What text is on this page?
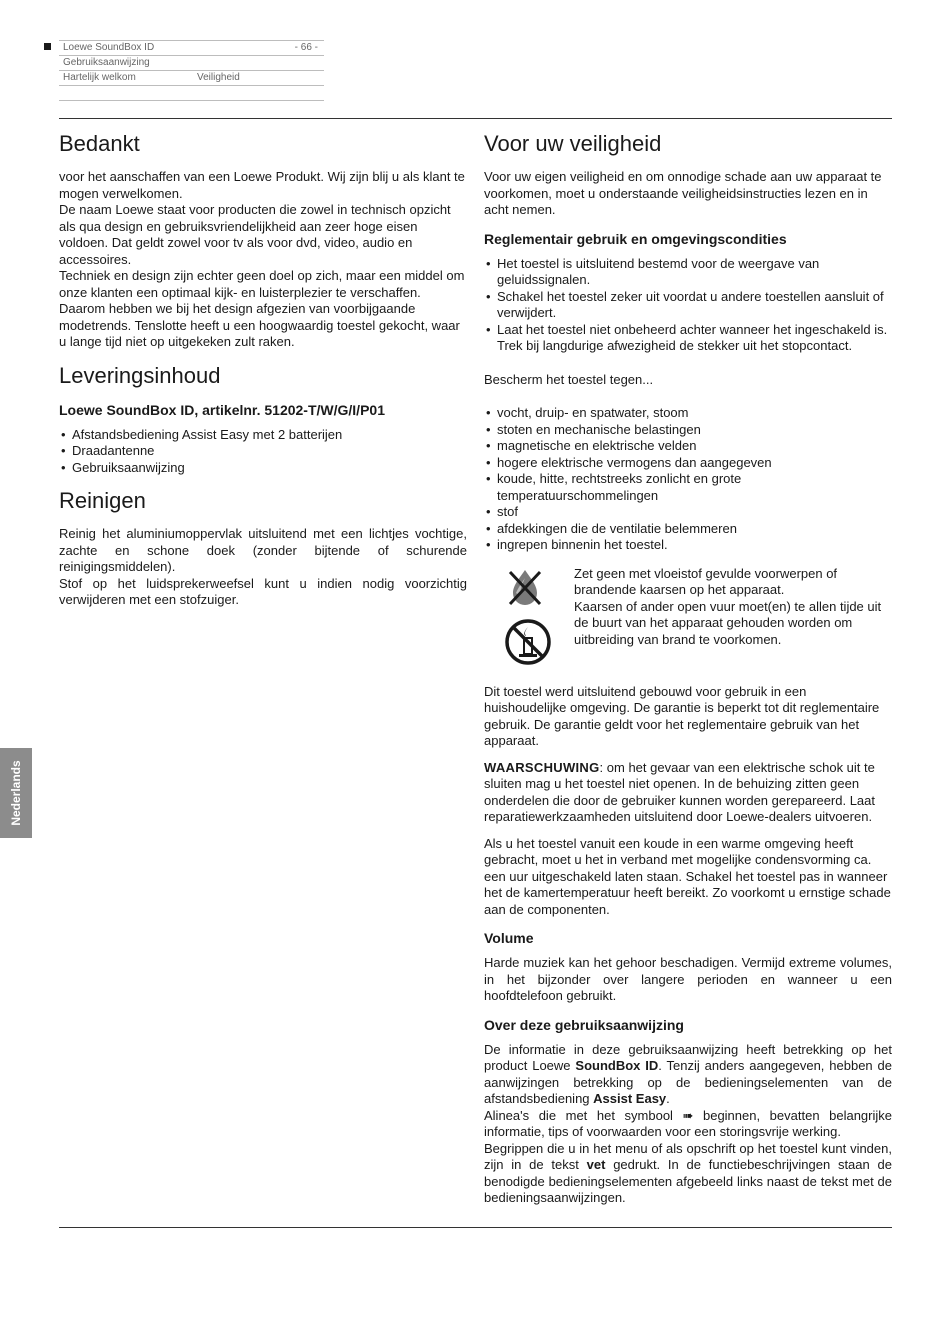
Loewe SoundBox ID	- 66 -
Gebruiksaanwijzing
Hartelijk welkom	Veiligheid
Nederlands
Bedankt

voor het aanschaffen van een Loewe Produkt. Wij zijn blij u als klant te mogen verwelkomen.

De naam Loewe staat voor producten die zowel in technisch opzicht als qua design en gebruiksvriendelijkheid aan zeer hoge eisen voldoen. Dat geldt zowel voor tv als voor dvd, video, audio en accessoires.

Techniek en design zijn echter geen doel op zich, maar een middel om onze klanten een optimaal kijk- en luisterplezier te verschaffen.

Daarom hebben we bij het design afgezien van voorbijgaande modetrends. Tenslotte heeft u een hoogwaardig toestel gekocht, waar u lange tijd niet op uitgekeken zult raken.

Leveringsinhoud
Loewe SoundBox ID, artikelnr. 51202-T/W/G/I/P01
• Afstandsbediening Assist Easy met 2 batterijen
• Draadantenne
• Gebruiksaanwijzing
Reinigen

Reinig het aluminiumoppervlak uitsluitend met een lichtjes vochtige, zachte en schone doek (zonder bijtende of schurende reinigingsmiddelen).

Stof op het luidsprekerweefsel kunt u indien nodig voorzichtig verwijderen met een stofzuiger.

Voor uw veiligheid

Voor uw eigen veiligheid en om onnodige schade aan uw apparaat te voorkomen, moet u onderstaande veiligheidsinstructies lezen en in acht nemen.

Reglementair gebruik en omgevingscondities
• Het toestel is uitsluitend bestemd voor de weergave van geluidssignalen.
• Schakel het toestel zeker uit voordat u andere toestellen aansluit of verwijdert.
• Laat het toestel niet onbeheerd achter wanneer het ingeschakeld is. Trek bij langdurige afwezigheid de stekker uit het stopcontact.

Bescherm het toestel tegen...

• vocht, druip- en spatwater, stoom
• stoten en mechanische belastingen
• magnetische en elektrische velden
• hogere elektrische vermogens dan aangegeven
• koude, hitte, rechtstreeks zonlicht en grote temperatuurschommelingen
• stof
• afdekkingen die de ventilatie belemmeren
• ingrepen binnenin het toestel.

Zet geen met vloeistof gevulde voorwerpen of brandende kaarsen op het apparaat.

Kaarsen of ander open vuur moet(en) te allen tijde uit de buurt van het apparaat gehouden worden om uitbreiding van brand te voorkomen.

Dit toestel werd uitsluitend gebouwd voor gebruik in een huishoudelijke omgeving. De garantie is beperkt tot dit reglementaire gebruik. De garantie geldt voor het reglementaire gebruik van het apparaat.

WAARSCHUWING: om het gevaar van een elektrische schok uit te sluiten mag u het toestel niet openen. In de behuizing zitten geen onderdelen die door de gebruiker kunnen worden gerepareerd. Laat reparatiewerkzaamheden uitsluitend door Loewe-dealers uitvoeren.

Als u het toestel vanuit een koude in een warme omgeving heeft gebracht, moet u het in verband met mogelijke condensvorming ca. een uur uitgeschakeld laten staan. Schakel het toestel pas in wanneer het de kamertemperatuur heeft bereikt. Zo voorkomt u ernstige schade aan de componenten.

Volume

Harde muziek kan het gehoor beschadigen. Vermijd extreme volumes, in het bijzonder over langere perioden en wanneer u een hoofdtelefoon gebruikt.

Over deze gebruiksaanwijzing

De informatie in deze gebruiksaanwijzing heeft betrekking op het product Loewe SoundBox ID. Tenzij anders aangegeven, hebben de aanwijzingen betrekking op de bedieningselementen van de afstandsbediening Assist Easy.

Alinea's die met het symbool ➠ beginnen, bevatten belangrijke informatie, tips of voorwaarden voor een storingsvrije werking.

Begrippen die u in het menu of als opschrift op het toestel kunt vinden, zijn in de tekst vet gedrukt. In de functiebeschrijvingen staan de benodigde bedieningselementen afgebeeld links naast de tekst met de bedieningsaanwijzingen.
